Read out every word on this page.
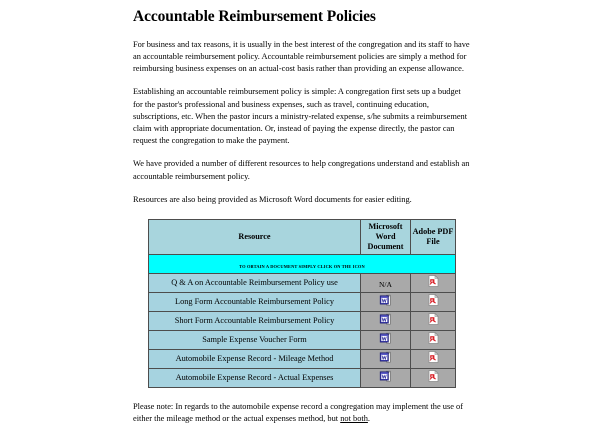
Accountable Reimbursement Policies

For business and tax reasons, it is usually in the best interest of the congregation and its staff to have an accountable reimbursement policy. Accountable reimbursement policies are simply a method for reimbursing business expenses on an actual-cost basis rather than providing an expense allowance.

Establishing an accountable reimbursement policy is simple: A congregation first sets up a budget for the pastor's professional and business expenses, such as travel, continuing education, subscriptions, etc. When the pastor incurs a ministry-related expense, s/he submits a reimbursement claim with appropriate documentation. Or, instead of paying the expense directly, the pastor can request the congregation to make the payment.

We have provided a number of different resources to help congregations understand and establish an accountable reimbursement policy.

Resources are also being provided as Microsoft Word documents for easier editing.

Resource	Microsoft Word Document	Adobe PDF File
TO OBTAIN A DOCUMENT SIMPLY CLICK ON THE ICON		
Q & A on Accountable Reimbursement Policy use	N/A	A

Long Form Accountable Reimbursement Policy		A

Short Form Accountable Reimbursement Policy		A

Sample Expense Voucher Form		A

Automobile Expense Record - Mileage Method		A

Automobile Expense Record - Actual Expenses		A

Please note: In regards to the automobile expense record a congregation may implement the use of either the mileage method or the actual expenses method, but not both.
